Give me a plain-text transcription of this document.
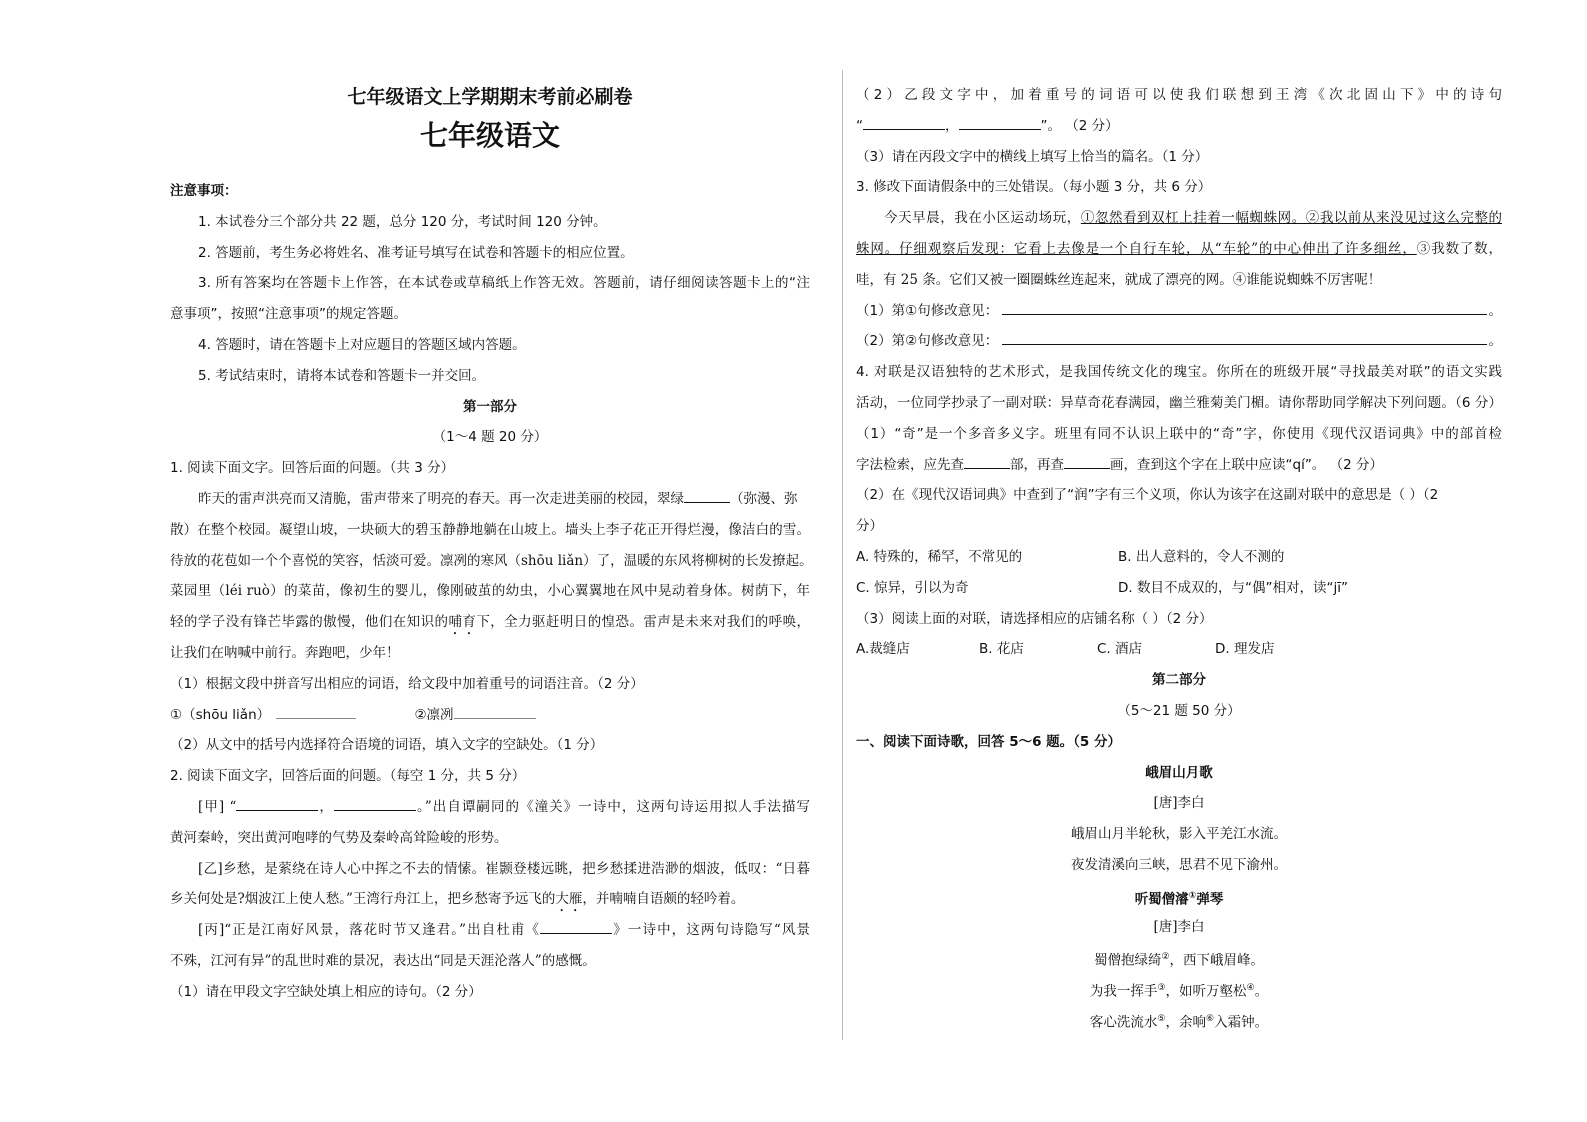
七年级语文上学期期末考前必刷卷
七年级语文
注意事项：
1. 本试卷分三个部分共 22 题，总分 120 分，考试时间 120 分钟。
2. 答题前，考生务必将姓名、准考证号填写在试卷和答题卡的相应位置。
3. 所有答案均在答题卡上作答，在本试卷或草稿纸上作答无效。答题前，请仔细阅读答题卡上的“注
意事项”，按照“注意事项”的规定答题。
4. 答题时，请在答题卡上对应题目的答题区域内答题。
5. 考试结束时，请将本试卷和答题卡一并交回。
第一部分
（1～4 题 20 分）
1. 阅读下面文字。回答后面的问题。（共 3 分）
昨天的雷声洪亮而又清脆，雷声带来了明亮的春天。再一次走进美丽的校园，翠绿	（弥漫、弥
散）在整个校园。凝望山坡，一块硕大的碧玉静静地躺在山坡上。墙头上李子花正开得烂漫，像洁白的雪。
待放的花苞如一个个喜悦的笑容，恬淡可爱。凛冽的寒风（shōu liǎn）了，温暖的东风将柳树的长发撩起。
菜园里（léi ruò）的菜苗，像初生的婴儿，像刚破茧的幼虫，小心翼翼地在风中晃动着身体。树荫下，年
轻的学子没有锋芒毕露的傲慢，他们在知识的哺育下，全力驱赶明日的惶恐。雷声是未来对我们的呼唤，
让我们在呐喊中前行。奔跑吧，少年！
（1）根据文段中拼音写出相应的词语，给文段中加着重号的词语注音。（2 分）
①（shōu liǎn）	②凛冽
（2）从文中的括号内选择符合语境的词语，填入文字的空缺处。（1 分）
2. 阅读下面文字，回答后面的问题。（每空 1 分，共 5 分）
[甲] “	，	。”出自谭嗣同的《潼关》一诗中，这两句诗运用拟人手法描写
黄河秦岭，突出黄河咆哮的气势及秦岭高耸险峻的形势。
[乙]乡愁，是萦绕在诗人心中挥之不去的情愫。崔颢登楼远眺，把乡愁揉进浩渺的烟波，低叹：“日暮
乡关何处是?烟波江上使人愁。”王湾行舟江上，把乡愁寄予远飞的大雁，并喃喃自语颇的轻吟着。
[丙]“正是江南好风景，落花时节又逢君。”出自杜甫《	》一诗中，这两句诗隐写“风景
不殊，江河有异”的乱世时难的景况，表达出“同是天涯沦落人”的感慨。
（1）请在甲段文字空缺处填上相应的诗句。（2 分）
（2）乙段文字中，加着重号的词语可以使我们联想到王湾《次北固山下》中的诗句
“	，	”。 （2 分）
（3）请在丙段文字中的横线上填写上恰当的篇名。（1 分）
3. 修改下面请假条中的三处错误。（每小题 3 分，共 6 分）
今天早晨，我在小区运动场玩，①忽然看到双杠上挂着一幅蜘蛛网。②我以前从来没见过这么完整的
蛛网。仔细观察后发现：它看上去像是一个自行车轮，从“车轮”的中心伸出了许多细丝，③我数了数，
哇，有 25 条。它们又被一圈圈蛛丝连起来，就成了漂亮的网。④谁能说蜘蛛不厉害呢！
（1）第①句修改意见：	。
（2）第②句修改意见：	。
4. 对联是汉语独特的艺术形式，是我国传统文化的瑰宝。你所在的班级开展“寻找最美对联”的语文实践
活动，一位同学抄录了一副对联：异草奇花春满园，幽兰雅菊美门楣。请你帮助同学解决下列问题。（6 分）
（1）“奇”是一个多音多义字。班里有同不认识上联中的“奇”字，你使用《现代汉语词典》中的部首检
字法检索，应先查	部，再查	画，查到这个字在上联中应读“qí”。 （2 分）
（2）在《现代汉语词典》中查到了“润”字有三个义项，你认为该字在这副对联中的意思是（ ）（2
分）
A. 特殊的，稀罕，不常见的	B. 出人意料的，令人不测的
C. 惊异，引以为奇	D. 数目不成双的，与“偶”相对，读“jī”
（3）阅读上面的对联，请选择相应的店铺名称（ ）（2 分）
A.裁缝店	B. 花店	C. 酒店	D. 理发店
第二部分
（5～21 题 50 分）
一、阅读下面诗歌，回答 5～6 题。（5 分）
峨眉山月歌
[唐]李白
峨眉山月半轮秋，影入平羌江水流。
夜发清溪向三峡，思君不见下渝州。
听蜀僧濬①弹琴
[唐]李白
蜀僧抱绿绮②，西下峨眉峰。
为我一挥手③，如听万壑松④。
客心洗流水⑤，余响⑥入霜钟。
